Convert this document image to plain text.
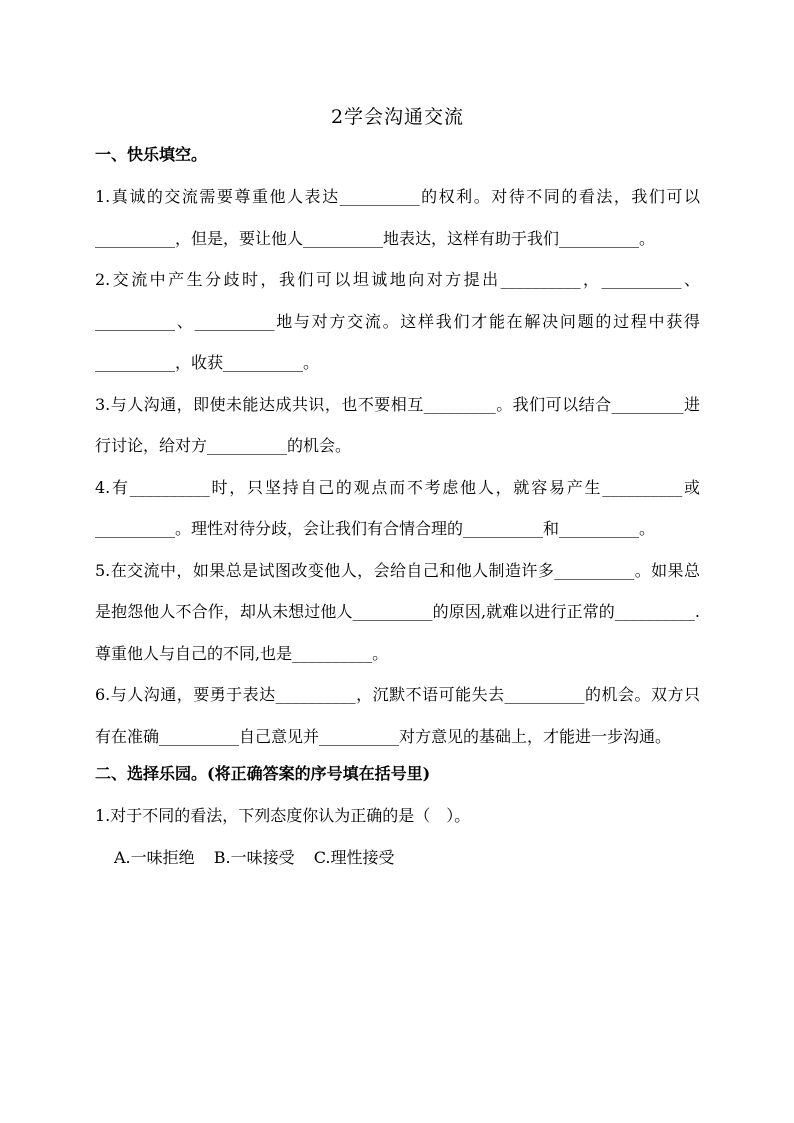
2学会沟通交流
一、快乐填空。

1.真诚的交流需要尊重他人表达__________的权利。对待不同的看法，我们可以__________，但是，要让他人__________地表达，这样有助于我们__________。

2.交流中产生分歧时，我们可以坦诚地向对方提出__________，__________、__________、__________地与对方交流。这样我们才能在解决问题的过程中获得__________，收获__________。

3.与人沟通，即使未能达成共识，也不要相互_________。我们可以结合_________进行讨论，给对方__________的机会。

4.有__________时，只坚持自己的观点而不考虑他人，就容易产生__________或__________。理性对待分歧，会让我们有合情合理的__________和__________。

5.在交流中，如果总是试图改变他人，会给自己和他人制造许多__________。如果总是抱怨他人不合作，却从未想过他人__________的原因,就难以进行正常的__________.尊重他人与自己的不同,也是__________。

6.与人沟通，要勇于表达__________，沉默不语可能失去__________的机会。双方只有在准确__________自己意见并__________对方意见的基础上，才能进一步沟通。

二、选择乐园。(将正确答案的序号填在括号里)

1.对于不同的看法，下列态度你认为正确的是（　）。

A.一味拒绝 B.一味接受 C.理性接受
